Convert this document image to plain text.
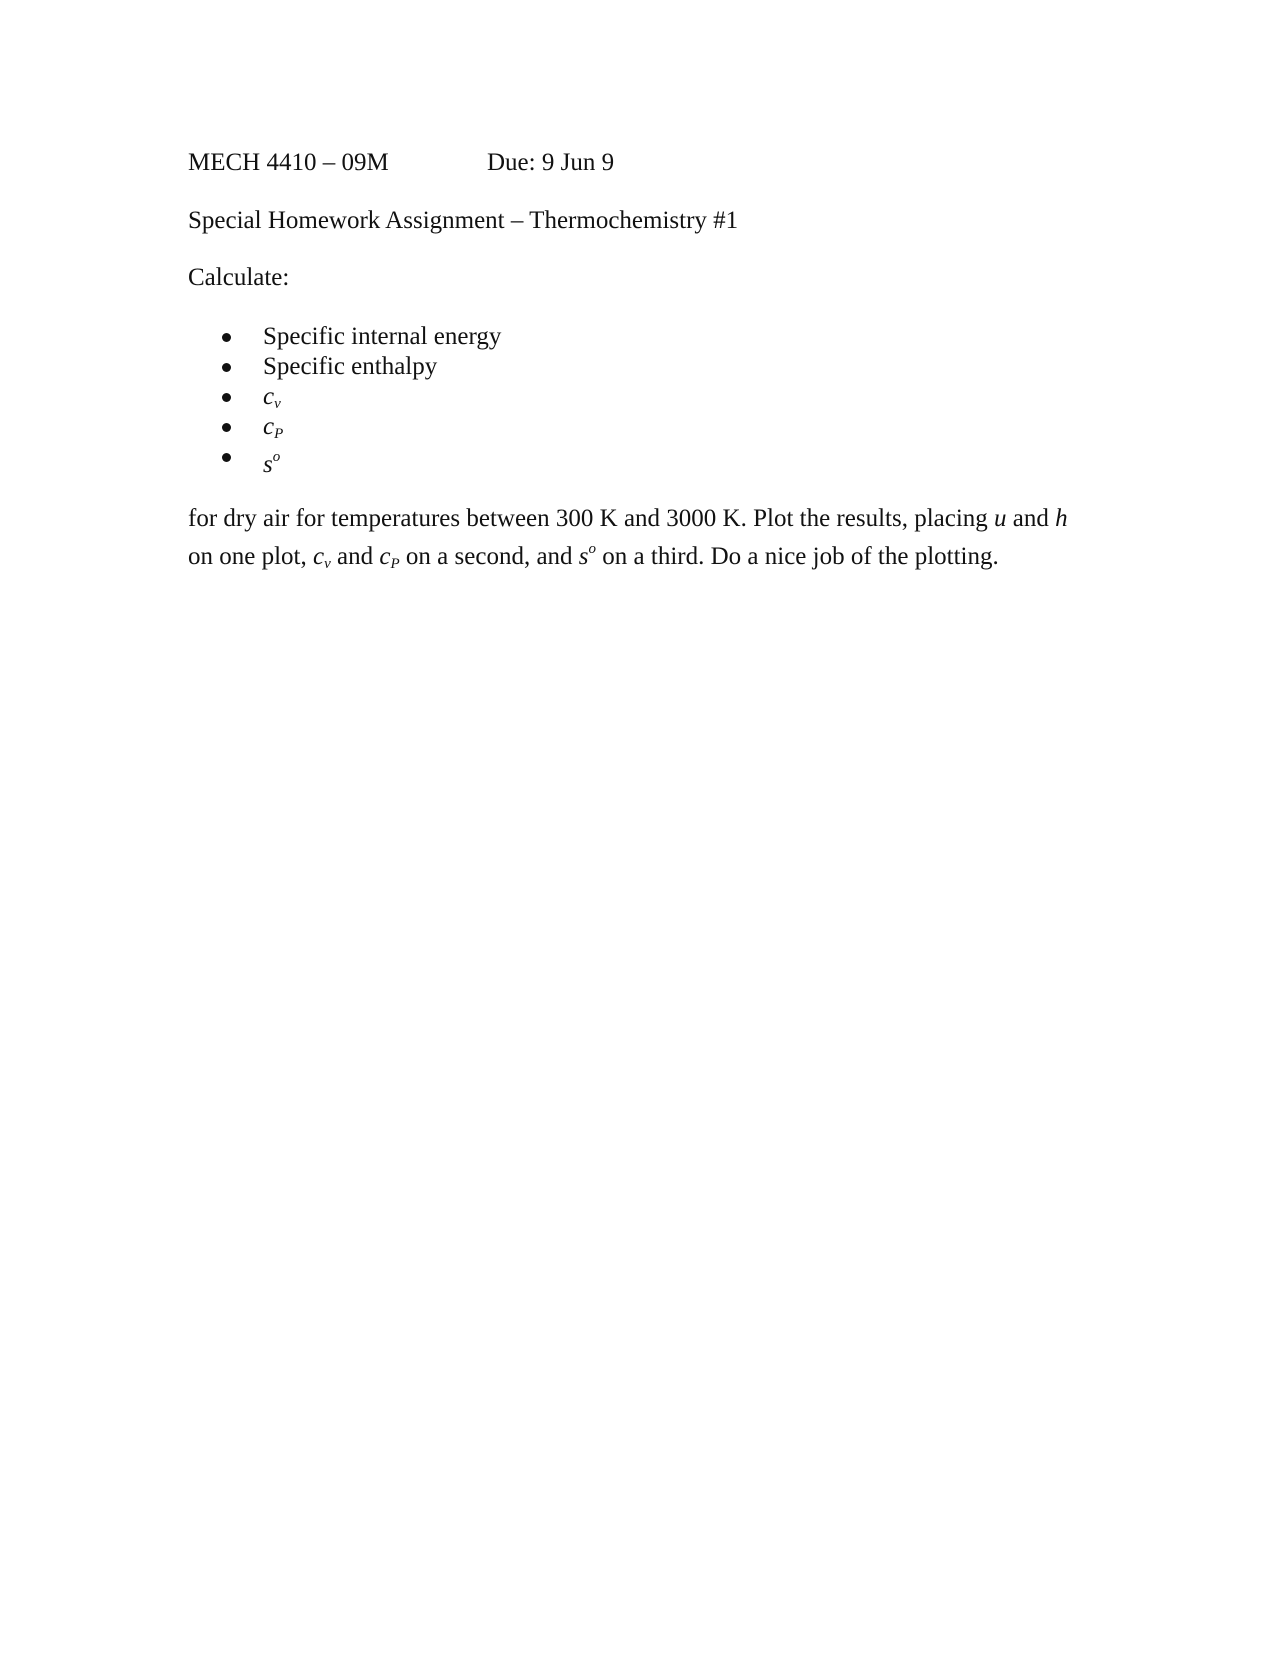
MECH 4410 – 09M	Due: 9 Jun 9
Special Homework Assignment – Thermochemistry #1
Calculate:
Specific internal energy
Specific enthalpy
$c_v$
$c_P$
$s^o$
for dry air for temperatures between 300 K and 3000 K. Plot the results, placing u and h
on one plot, $c_v$ and $c_P$ on a second, and $s^o$ on a third. Do a nice job of the plotting.
